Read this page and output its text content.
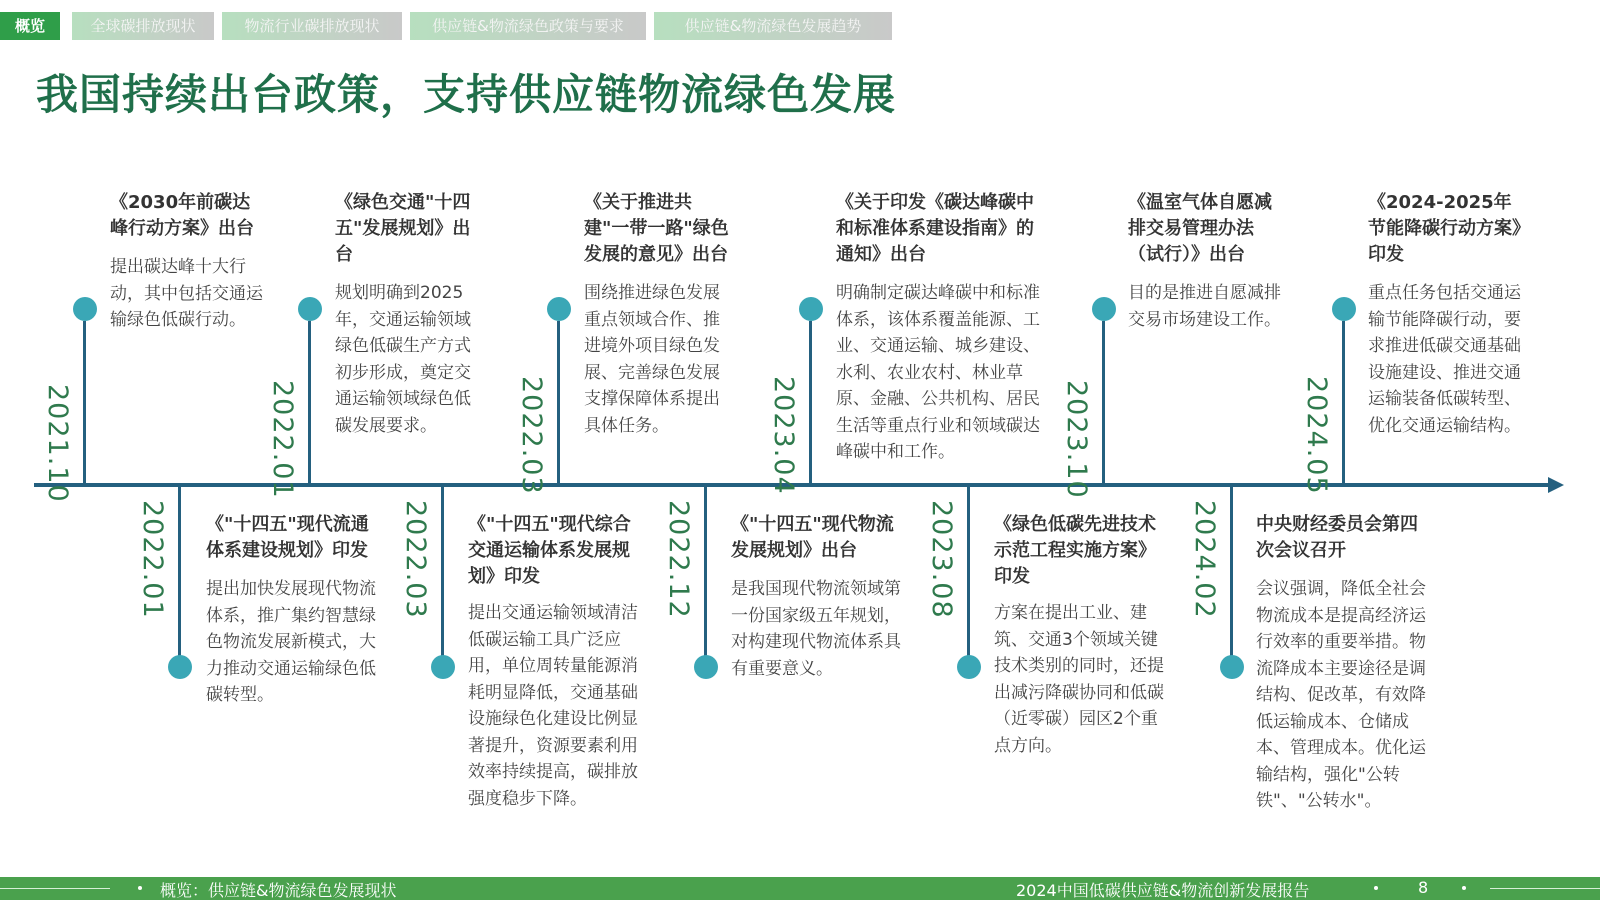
概览	全球碳排放现状	物流行业碳排放现状	供应链&物流绿色政策与要求	供应链&物流绿色发展趋势
我国持续出台政策，支持供应链物流绿色发展
2021.10
《2030年前碳达峰行动方案》出台
提出碳达峰十大行动，其中包括交通运输绿色低碳行动。
2022.01
《绿色交通"十四五"发展规划》出台
规划明确到2025年，交通运输领域绿色低碳生产方式初步形成，奠定交通运输领域绿色低碳发展要求。	2022.03
《关于推进共建"一带一路"绿色发展的意见》出台
围绕推进绿色发展重点领域合作、推进境外项目绿色发展、完善绿色发展支撑保障体系提出具体任务。	2023.04
《关于印发《碳达峰碳中和标准体系建设指南》的通知》出台
明确制定碳达峰碳中和标准体系，该体系覆盖能源、工业、交通运输、城乡建设、水利、农业农村、林业草原、金融、公共机构、居民生活等重点行业和领域碳达峰碳中和工作。	2023.10
《温室气体自愿减排交易管理办法（试行）》出台
目的是推进自愿减排交易市场建设工作。
2024.05
《2024-2025年节能降碳行动方案》印发
重点任务包括交通运输节能降碳行动，要求推进低碳交通基础设施建设、推进交通运输装备低碳转型、优化交通运输结构。
2022.01 《"十四五"现代流通体系建设规划》印发
提出加快发展现代物流体系，推广集约智慧绿色物流发展新模式，大力推动交通运输绿色低碳转型。
2022.03 《"十四五"现代综合交通运输体系发展规划》印发
提出交通运输领域清洁低碳运输工具广泛应用，单位周转量能源消耗明显降低，交通基础设施绿色化建设比例显著提升，资源要素利用效率持续提高，碳排放强度稳步下降。
2022.12 《"十四五"现代物流发展规划》出台
是我国现代物流领域第一份国家级五年规划，对构建现代物流体系具有重要意义。
2023.08 《绿色低碳先进技术示范工程实施方案》印发
方案在提出工业、建筑、交通3个领域关键技术类别的同时，还提出减污降碳协同和低碳（近零碳）园区2个重点方向。
2024.02 中央财经委员会第四次会议召开
会议强调，降低全社会物流成本是提高经济运行效率的重要举措。物流降成本主要途径是调结构、促改革，有效降低运输成本、仓储成本、管理成本。优化运输结构，强化"公转铁"、"公转水"。
概览：供应链&物流绿色发展现状	2024中国低碳供应链&物流创新发展报告	8
